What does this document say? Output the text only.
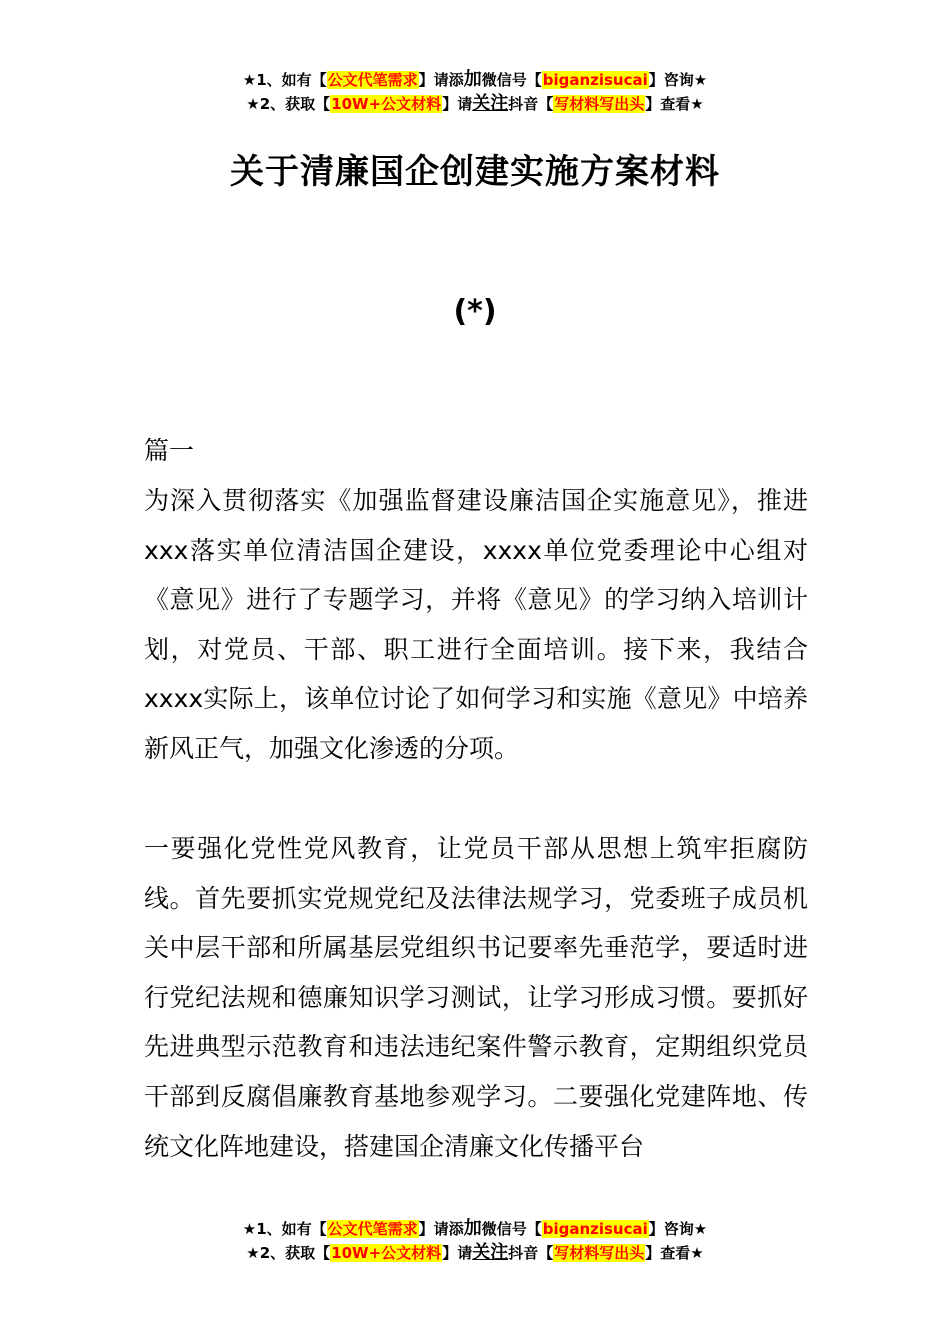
★1、如有【公文代笔需求】请添加微信号【biganzisucai】咨询★
★2、获取【10W+公文材料】请关注抖音【写材料写出头】查看★
关于清廉国企创建实施方案材料
(*)
篇一
为深入贯彻落实《加强监督建设廉洁国企实施意见》，推进xxx落实单位清洁国企建设，xxxx单位党委理论中心组对《意见》进行了专题学习，并将《意见》的学习纳入培训计划，对党员、干部、职工进行全面培训。接下来，我结合xxxx实际上，该单位讨论了如何学习和实施《意见》中培养新风正气，加强文化渗透的分项。
一要强化党性党风教育，让党员干部从思想上筑牢拒腐防线。首先要抓实党规党纪及法律法规学习，党委班子成员机关中层干部和所属基层党组织书记要率先垂范学，要适时进行党纪法规和德廉知识学习测试，让学习形成习惯。要抓好先进典型示范教育和违法违纪案件警示教育，定期组织党员干部到反腐倡廉教育基地参观学习。二要强化党建阵地、传统文化阵地建设，搭建国企清廉文化传播平台
★1、如有【公文代笔需求】请添加微信号【biganzisucai】咨询★
★2、获取【10W+公文材料】请关注抖音【写材料写出头】查看★
